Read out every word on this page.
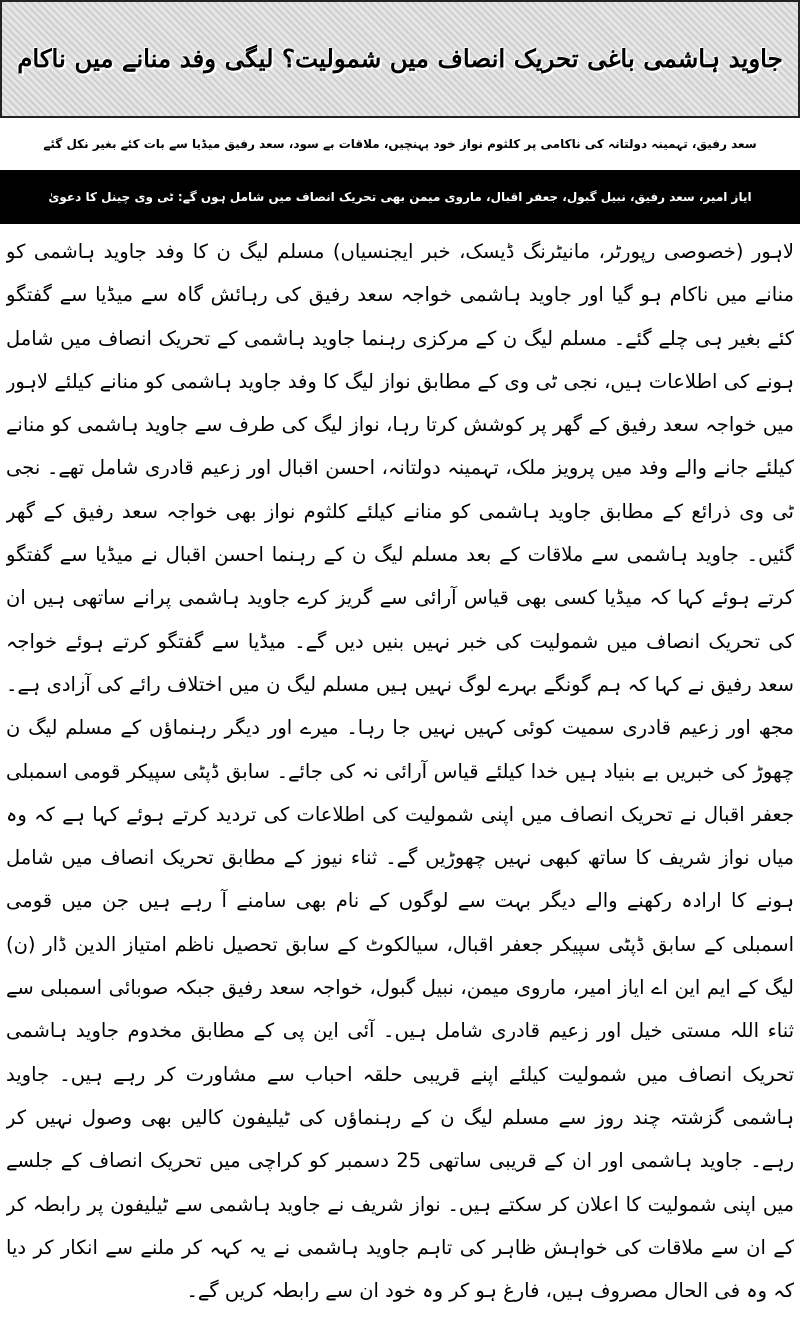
جاوید ہاشمی باغی تحریک انصاف میں شمولیت؟ لیگی وفد منانے میں ناکام
سعد رفیق، تہمینہ دولتانہ کی ناکامی پر کلثوم نواز خود پہنچیں، ملاقات بے سود، سعد رفیق میڈیا سے بات کئے بغیر نکل گئے
ایاز امیر، سعد رفیق، نبیل گبول، جعفر اقبال، ماروی میمن بھی تحریک انصاف میں شامل ہوں گے: ٹی وی چینل کا دعویٰ
لاہور (خصوصی رپورٹر، مانیٹرنگ ڈیسک، خبر ایجنسیاں) مسلم لیگ ن کا وفد جاوید ہاشمی کو منانے میں ناکام ہو گیا اور جاوید ہاشمی خواجہ سعد رفیق کی رہائش گاہ سے میڈیا سے گفتگو کئے بغیر ہی چلے گئے۔ مسلم لیگ ن کے مرکزی رہنما جاوید ہاشمی کے تحریک انصاف میں شامل ہونے کی اطلاعات ہیں، نجی ٹی وی کے مطابق نواز لیگ کا وفد جاوید ہاشمی کو منانے کیلئے لاہور میں خواجہ سعد رفیق کے گھر پر کوشش کرتا رہا، نواز لیگ کی طرف سے جاوید ہاشمی کو منانے کیلئے جانے والے وفد میں پرویز ملک، تہمینہ دولتانہ، احسن اقبال اور زعیم قادری شامل تھے۔ نجی ٹی وی ذرائع کے مطابق جاوید ہاشمی کو منانے کیلئے کلثوم نواز بھی خواجہ سعد رفیق کے گھر گئیں۔ جاوید ہاشمی سے ملاقات کے بعد مسلم لیگ ن کے رہنما احسن اقبال نے میڈیا سے گفتگو کرتے ہوئے کہا کہ میڈیا کسی بھی قیاس آرائی سے گریز کرے جاوید ہاشمی پرانے ساتھی ہیں ان کی تحریک انصاف میں شمولیت کی خبر نہیں بنیں دیں گے۔ میڈیا سے گفتگو کرتے ہوئے خواجہ سعد رفیق نے کہا کہ ہم گونگے بہرے لوگ نہیں ہیں مسلم لیگ ن میں اختلاف رائے کی آزادی ہے۔ مجھ اور زعیم قادری سمیت کوئی کہیں نہیں جا رہا۔ میرے اور دیگر رہنماؤں کے مسلم لیگ ن چھوڑ کی خبریں بے بنیاد ہیں خدا کیلئے قیاس آرائی نہ کی جائے۔ سابق ڈپٹی سپیکر قومی اسمبلی جعفر اقبال نے تحریک انصاف میں اپنی شمولیت کی اطلاعات کی تردید کرتے ہوئے کہا ہے کہ وہ میاں نواز شریف کا ساتھ کبھی نہیں چھوڑیں گے۔ ثناء نیوز کے مطابق تحریک انصاف میں شامل ہونے کا ارادہ رکھنے والے دیگر بہت سے لوگوں کے نام بھی سامنے آ رہے ہیں جن میں قومی اسمبلی کے سابق ڈپٹی سپیکر جعفر اقبال، سیالکوٹ کے سابق تحصیل ناظم امتیاز الدین ڈار (ن) لیگ کے ایم این اے ایاز امیر، ماروی میمن، نبیل گبول، خواجہ سعد رفیق جبکہ صوبائی اسمبلی سے ثناء اللہ مستی خیل اور زعیم قادری شامل ہیں۔ آئی این پی کے مطابق مخدوم جاوید ہاشمی تحریک انصاف میں شمولیت کیلئے اپنے قریبی حلقہ احباب سے مشاورت کر رہے ہیں۔ جاوید ہاشمی گزشتہ چند روز سے مسلم لیگ ن کے رہنماؤں کی ٹیلیفون کالیں بھی وصول نہیں کر رہے۔ جاوید ہاشمی اور ان کے قریبی ساتھی 25 دسمبر کو کراچی میں تحریک انصاف کے جلسے میں اپنی شمولیت کا اعلان کر سکتے ہیں۔ نواز شریف نے جاوید ہاشمی سے ٹیلیفون پر رابطہ کر کے ان سے ملاقات کی خواہش ظاہر کی تاہم جاوید ہاشمی نے یہ کہہ کر ملنے سے انکار کر دیا کہ وہ فی الحال مصروف ہیں، فارغ ہو کر وہ خود ان سے رابطہ کریں گے۔
